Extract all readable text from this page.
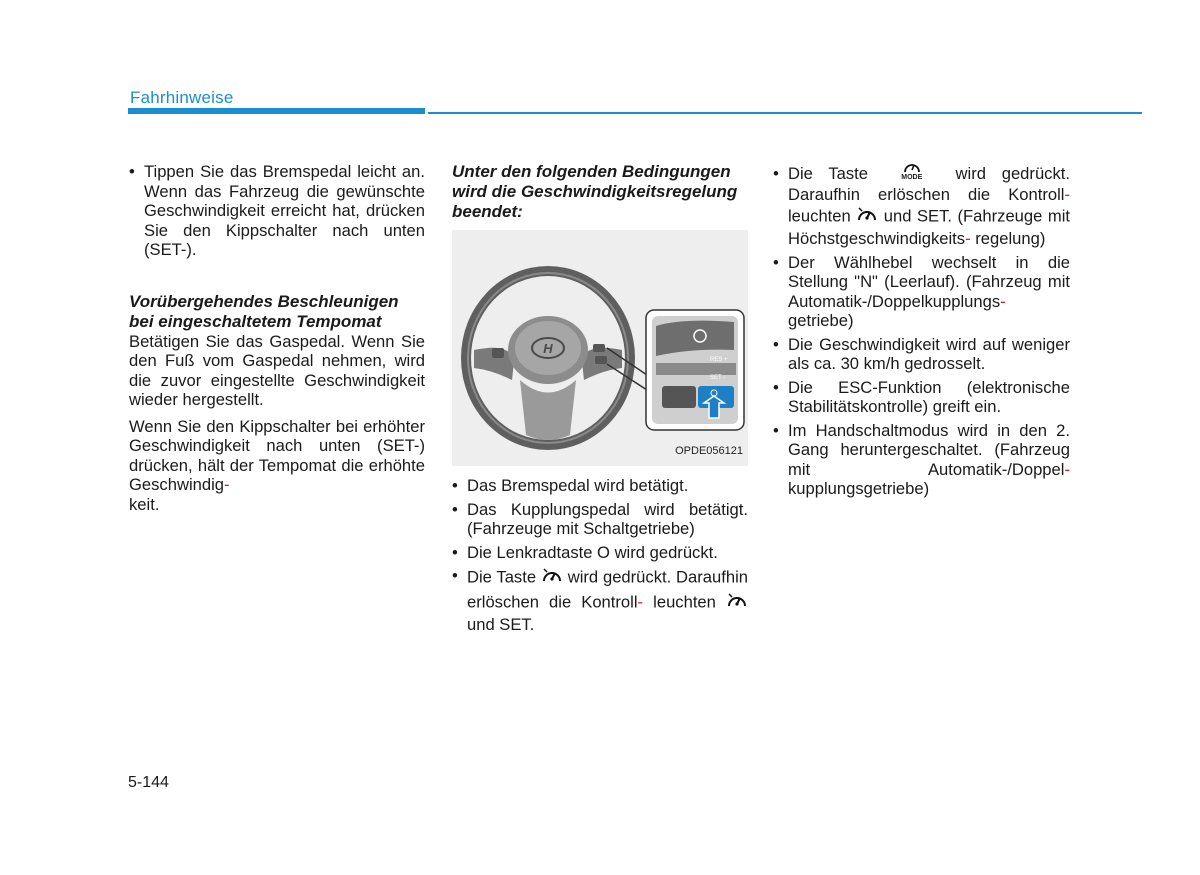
Fahrhinweise
• Tippen Sie das Bremspedal leicht an. Wenn das Fahrzeug die gewünschte Geschwindigkeit erreicht hat, drücken Sie den Kippschalter nach unten (SET-).
Vorübergehendes Beschleunigen bei eingeschaltetem Tempomat

Betätigen Sie das Gaspedal. Wenn Sie den Fuß vom Gaspedal nehmen, wird die zuvor eingestellte Geschwindigkeit wieder hergestellt.

Wenn Sie den Kippschalter bei erhöhter Geschwindigkeit nach unten (SET-) drücken, hält der Tempomat die erhöhte Geschwindig-
keit.

Unter den folgenden Bedingungen wird die Geschwindigkeitsregelung beendet:
H
RES +
SET -
OPDE056121
• Das Bremspedal wird betätigt.
• Das Kupplungspedal wird betätigt. (Fahrzeuge mit Schaltgetriebe)
• Die Lenkradtaste O wird gedrückt.
• Die Taste wird gedrückt. Daraufhin erlöschen die Kontroll- leuchten  und SET.
• Die Taste	MODE	wird gedrückt. Daraufhin erlöschen die Kontroll- leuchten und SET. (Fahrzeuge mit Höchstgeschwindigkeits- regelung)
• Der Wählhebel wechselt in die Stellung "N" (Leerlauf). (Fahrzeug mit Automatik-/Doppelkupplungs- getriebe)
• Die Geschwindigkeit wird auf weniger als ca. 30 km/h gedrosselt.
• Die ESC-Funktion (elektronische Stabilitätskontrolle) greift ein.
• Im Handschaltmodus wird in den 2. Gang heruntergeschaltet. (Fahrzeug mit Automatik-/Doppel- kupplungsgetriebe)
5-144
